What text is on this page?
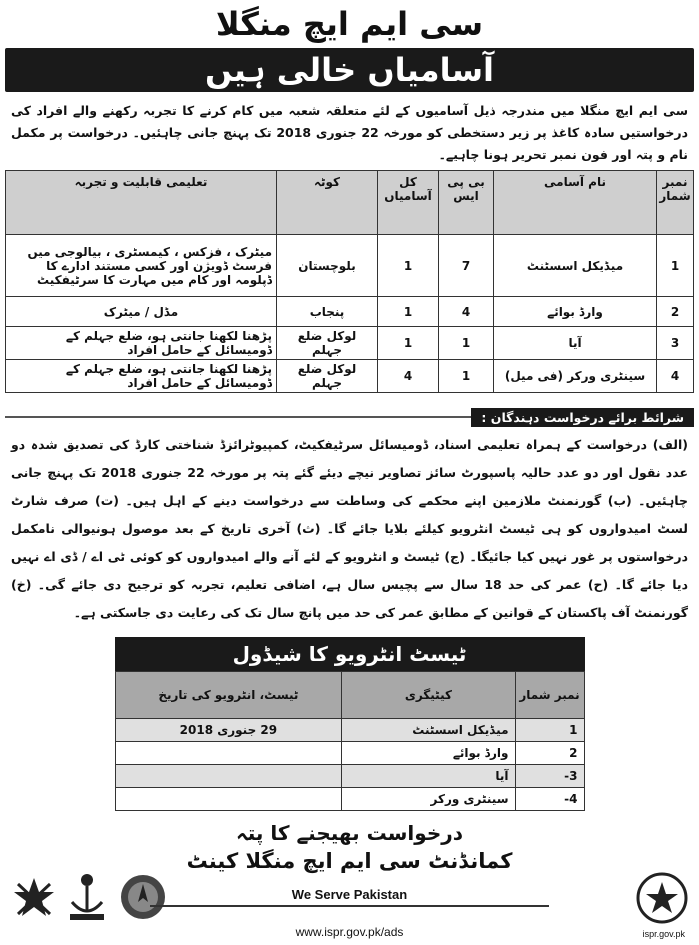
سی ایم ایچ منگلا
آسامیاں خالی ہیں
سی ایم ایچ منگلا میں مندرجہ ذیل آسامیوں کے لئے متعلقہ شعبہ میں کام کرنے کا تجربہ رکھنے والے افراد کی درخواستیں سادہ کاغذ پر زیر دستخطی کو مورخہ 22 جنوری 2018 تک پہنچ جانی چاہئیں۔ درخواست پر مکمل نام و پتہ اور فون نمبر تحریر ہونا چاہیے۔
نمبر شمار	نام آسامی	بی پی ایس	کل آسامیاں	کوٹہ	تعلیمی قابلیت و تجربہ
1	میڈیکل اسسٹنٹ	7	1	بلوچستان	میٹرک ، فزکس ، کیمسٹری ، بیالوجی میں فرسٹ ڈویژن اور کسی مستند ادارے کا ڈپلومہ اور کام میں مہارت کا سرٹیفکیٹ
2	وارڈ بوائے	4	1	پنجاب	مڈل / میٹرک
3	آیا	1	1	لوکل ضلع جہلم	پڑھنا لکھنا جانتی ہو، ضلع جہلم کے ڈومیسائل کے حامل افراد
4	سینٹری ورکر (فی میل)	1	4	لوکل ضلع جہلم	پڑھنا لکھنا جانتی ہو، ضلع جہلم کے ڈومیسائل کے حامل افراد
شرائط برائے درخواست دہندگان :
(الف) درخواست کے ہمراہ تعلیمی اسناد، ڈومیسائل سرٹیفکیٹ، کمپیوٹرائزڈ شناختی کارڈ کی تصدیق شدہ دو عدد نقول اور دو عدد حالیہ پاسپورٹ سائز تصاویر نیچے دیئے گئے پتہ پر مورخہ 22 جنوری 2018 تک پہنچ جانی چاہئیں۔ (ب) گورنمنٹ ملازمین اپنے محکمے کی وساطت سے درخواست دینے کے اہل ہیں۔ (ت) صرف شارٹ لسٹ امیدواروں کو ہی ٹیسٹ انٹرویو کیلئے بلایا جائے گا۔ (ث) آخری تاریخ کے بعد موصول ہونیوالی نامکمل درخواستوں پر غور نہیں کیا جائیگا۔ (ج) ٹیسٹ و انٹرویو کے لئے آنے والے امیدواروں کو کوئی ٹی اے / ڈی اے نہیں دیا جائے گا۔ (ح) عمر کی حد 18 سال سے پچیس سال ہے، اضافی تعلیم، تجربہ کو ترجیح دی جائے گی۔ (خ) گورنمنٹ آف پاکستان کے قوانین کے مطابق عمر کی حد میں پانچ سال تک کی رعایت دی جاسکتی ہے۔
ٹیسٹ انٹرویو کا شیڈول
نمبر شمار	کیٹیگری	ٹیسٹ، انٹرویو کی تاریخ
1	میڈیکل اسسٹنٹ	29 جنوری 2018
2	وارڈ بوائے	
3-	آیا	
4-	سینٹری ورکر	
درخواست بھیجنے کا پتہ
کمانڈنٹ سی ایم ایچ منگلا کینٹ
We Serve Pakistan
www.ispr.gov.pk/ads	ispr.gov.pk
